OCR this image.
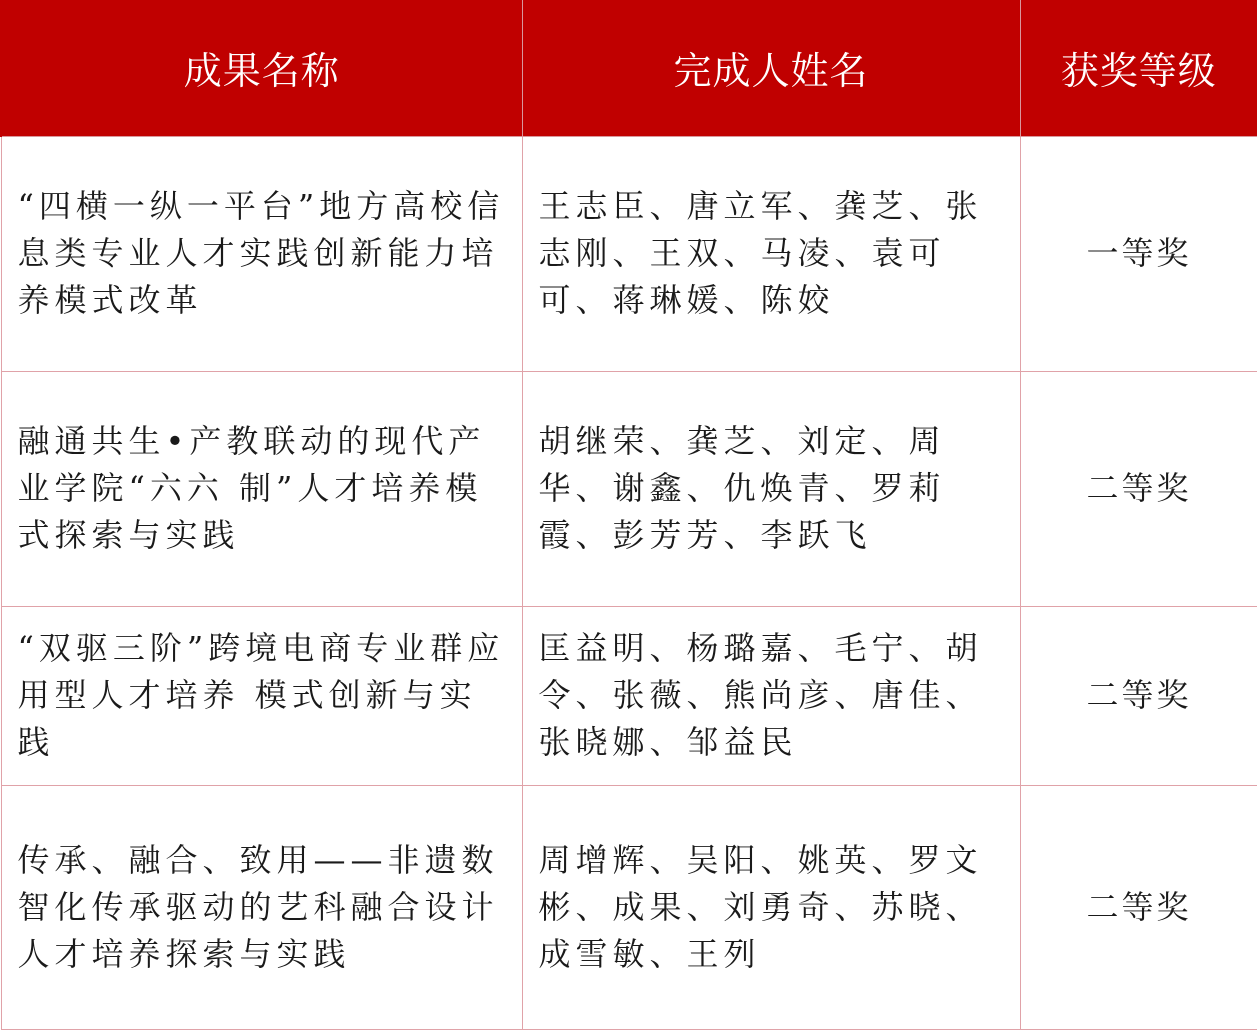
成果名称	完成人姓名	获奖等级
“四横一纵一平台”地方高校信息类专业人才实践创新能力培养模式改革	王志臣、唐立军、龚芝、张志刚、王双、马凌、袁可可、蒋琳媛、陈姣	一等奖
融通共生•产教联动的现代产业学院“六六 制”人才培养模式探索与实践	胡继荣、龚芝、刘定、周华、谢鑫、仇焕青、罗莉霞、彭芳芳、李跃飞	二等奖
“双驱三阶”跨境电商专业群应用型人才培养 模式创新与实践	匡益明、杨璐嘉、毛宁、胡令、张薇、熊尚彦、唐佳、张晓娜、邹益民	二等奖
传承、融合、致用——非遗数智化传承驱动的艺科融合设计人才培养探索与实践	周增辉、吴阳、姚英、罗文彬、成果、刘勇奇、苏晓、成雪敏、王列	二等奖
